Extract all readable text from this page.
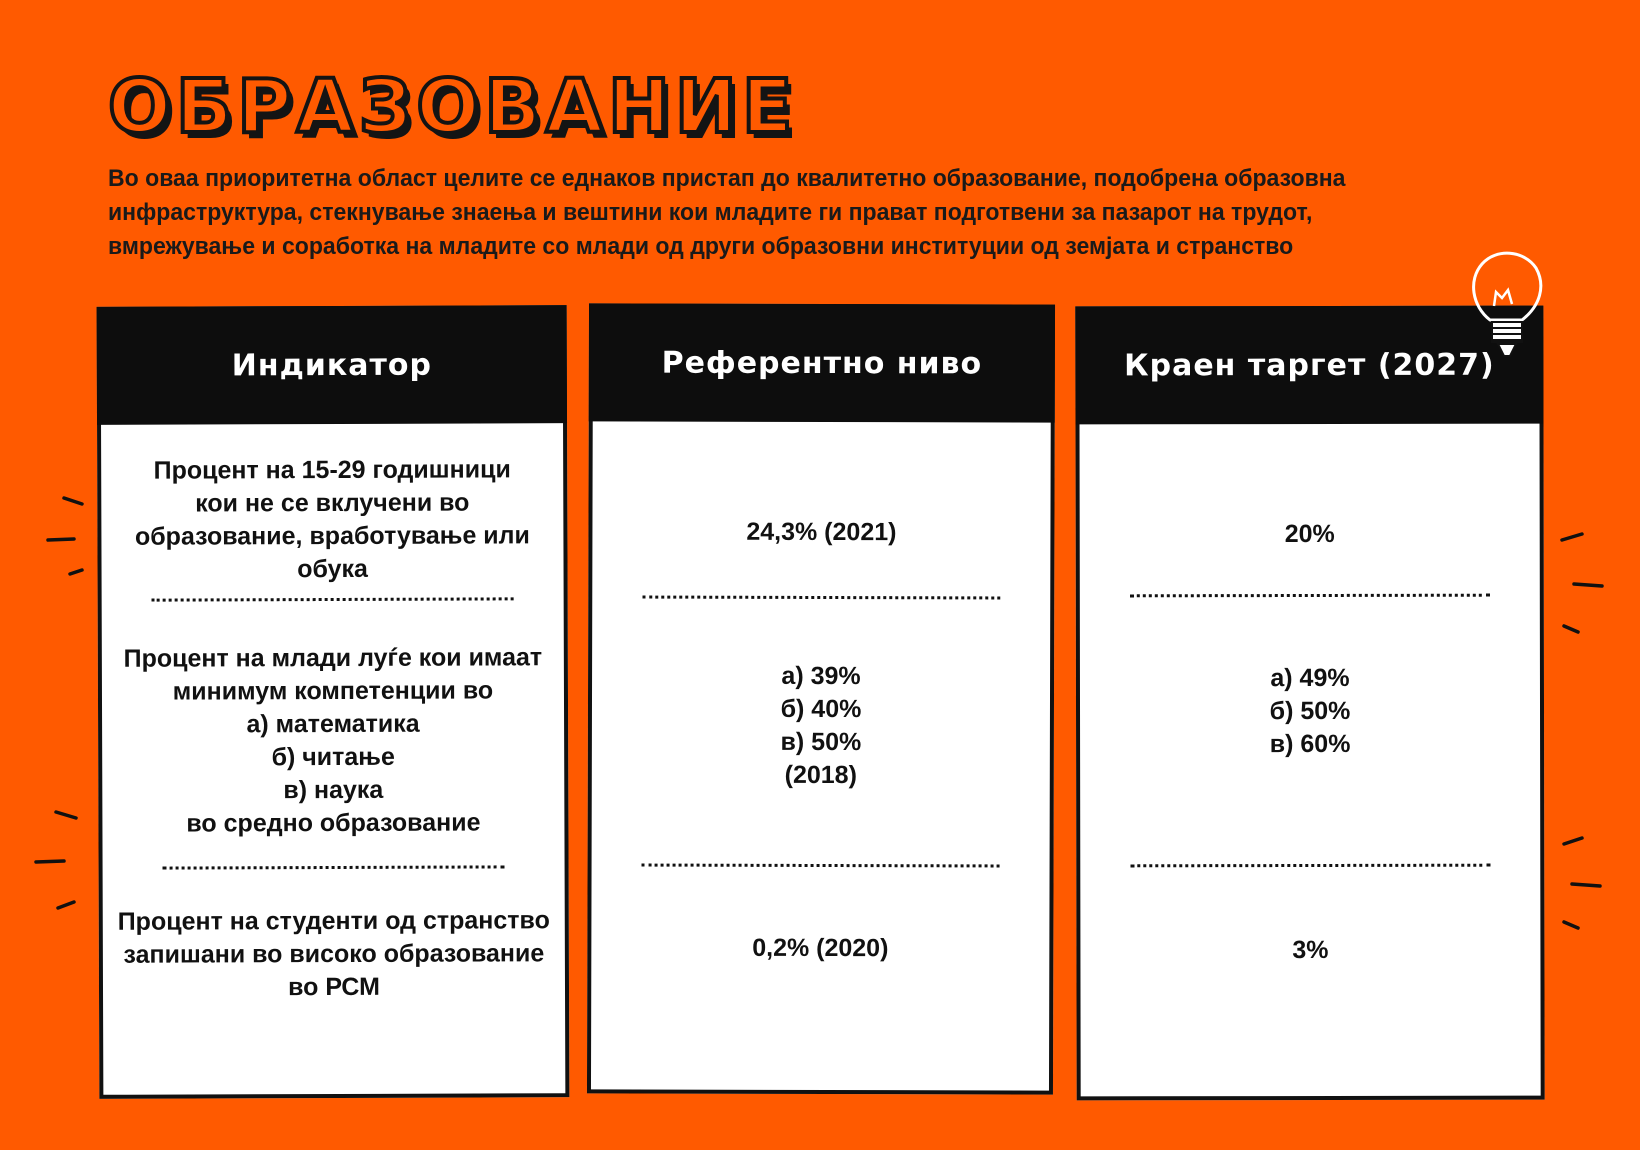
ОБРАЗОВАНИЕ
Во оваа приоритетна област целите се еднаков пристап до квалитетно образование, подобрена образовна
инфраструктура, стекнување знаења и вештини кои младите ги прават подготвени за пазарот на трудот,
вмрежување и соработка на младите со млади од други образовни институции од земјата и странство
Индикатор
Процент на 15-29 годишници
кои не се вклучени во
образование, вработување или
обука
Процент на млади луѓе кои имаат
минимум компетенции во
а) математика
б) читање
в) наука
во средно образование
Процент на студенти од странство
запишани во високо образование
во РСМ
Референтно ниво
24,3% (2021)
а) 39%
б) 40%
в) 50%
(2018)
0,2% (2020)
Краен таргет (2027)
20%
а) 49%
б) 50%
в) 60%
3%
